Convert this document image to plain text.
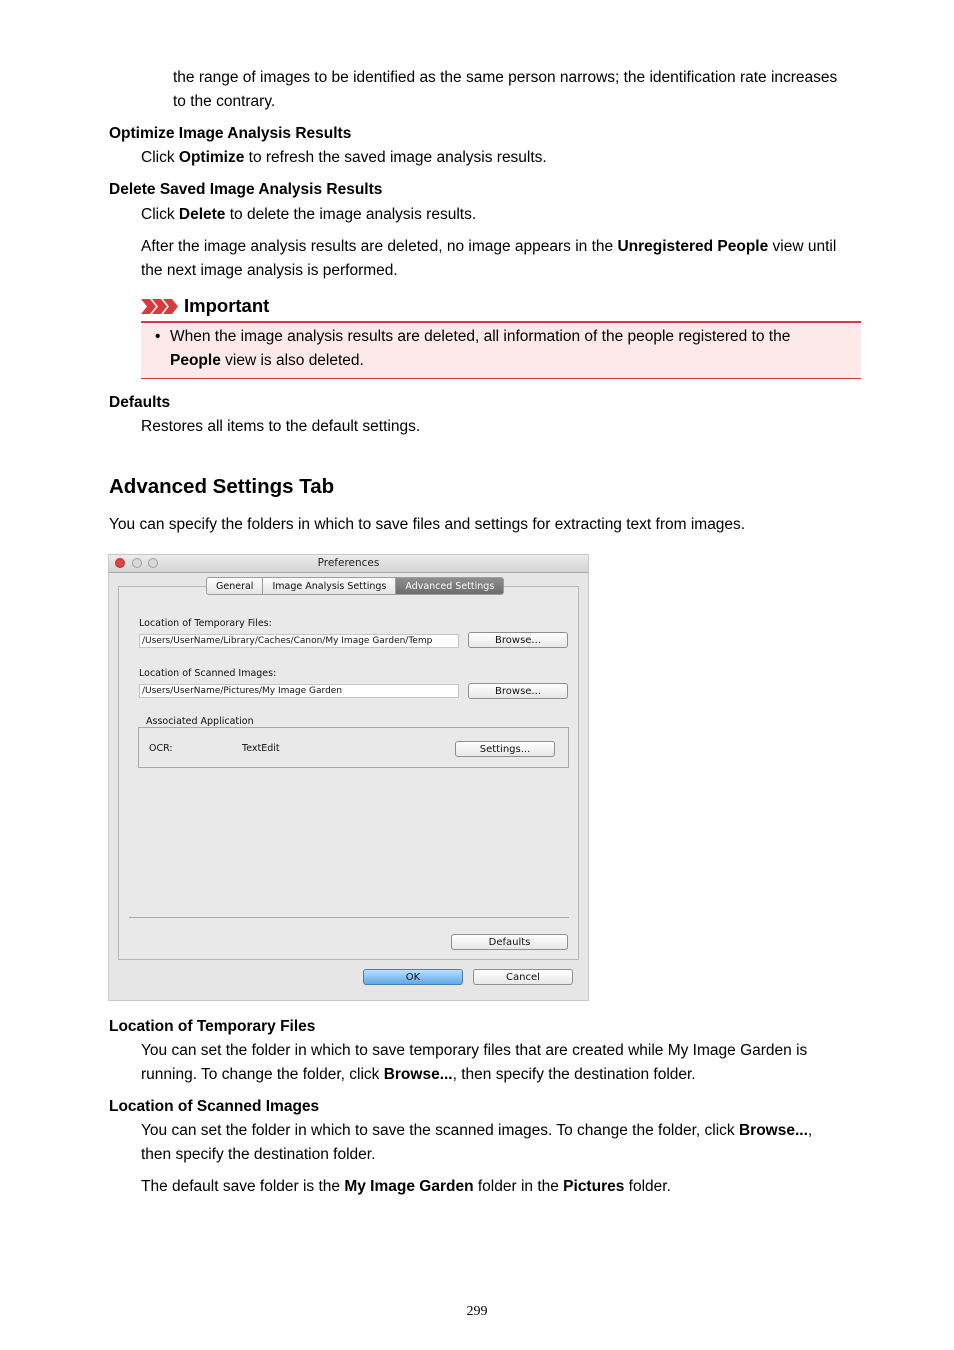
the range of images to be identified as the same person narrows; the identification rate increases
to the contrary.
Optimize Image Analysis Results
Click Optimize to refresh the saved image analysis results.
Delete Saved Image Analysis Results
Click Delete to delete the image analysis results.
After the image analysis results are deleted, no image appears in the Unregistered People view until
the next image analysis is performed.
Important
• When the image analysis results are deleted, all information of the people registered to the
People view is also deleted.
Defaults
Restores all items to the default settings.
Advanced Settings Tab
You can specify the folders in which to save files and settings for extracting text from images.
Preferences
General	Image Analysis Settings	Advanced Settings
Location of Temporary Files:
/Users/UserName/Library/Caches/Canon/My Image Garden/Temp	Browse...
Location of Scanned Images:
/Users/UserName/Pictures/My Image Garden	Browse...
Associated Application
OCR:	TextEdit	Settings...
Defaults
OK	Cancel
Location of Temporary Files
You can set the folder in which to save temporary files that are created while My Image Garden is
running. To change the folder, click Browse..., then specify the destination folder.
Location of Scanned Images
You can set the folder in which to save the scanned images. To change the folder, click Browse...,
then specify the destination folder.
The default save folder is the My Image Garden folder in the Pictures folder.
299
